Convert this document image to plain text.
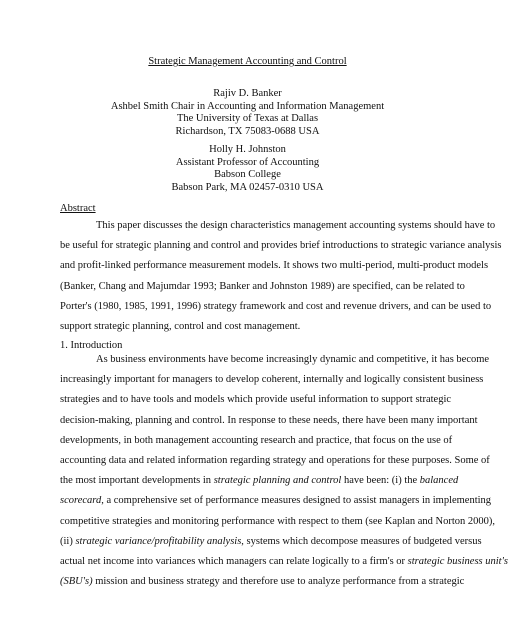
Strategic Management Accounting and Control
Rajiv D. Banker
Ashbel Smith Chair in Accounting and Information Management
The University of Texas at Dallas
Richardson, TX 75083-0688 USA
Holly H. Johnston
Assistant Professor of Accounting
Babson College
Babson Park, MA 02457-0310 USA
Abstract
This paper discusses the design characteristics management accounting systems should have to
be useful for strategic planning and control and provides brief introductions to strategic variance analysis
and profit-linked performance measurement models. It shows two multi-period, multi-product models
(Banker, Chang and Majumdar 1993; Banker and Johnston 1989) are specified, can be related to
Porter's (1980, 1985, 1991, 1996) strategy framework and cost and revenue drivers, and can be used to
support strategic planning, control and cost management.
1. Introduction
As business environments have become increasingly dynamic and competitive, it has become
increasingly important for managers to develop coherent, internally and logically consistent business
strategies and to have tools and models which provide useful information to support strategic
decision-making, planning and control. In response to these needs, there have been many important
developments, in both management accounting research and practice, that focus on the use of
accounting data and related information regarding strategy and operations for these purposes. Some of
the most important developments in strategic planning and control have been: (i) the balanced
scorecard, a comprehensive set of performance measures designed to assist managers in implementing
competitive strategies and monitoring performance with respect to them (see Kaplan and Norton 2000),
(ii) strategic variance/profitability analysis, systems which decompose measures of budgeted versus
actual net income into variances which managers can relate logically to a firm's or strategic business unit's
(SBU's) mission and business strategy and therefore use to analyze performance from a strategic
